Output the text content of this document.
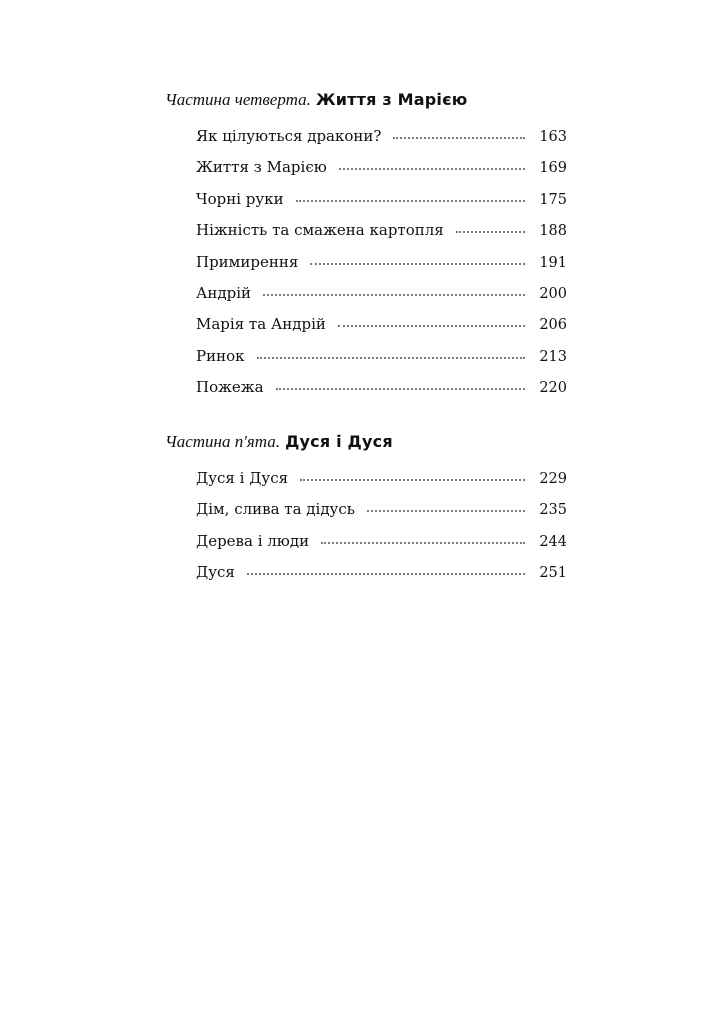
Частина четверта. Життя з Марією
Як цілуються дракони?	163
Життя з Марією	169
Чорні руки	175
Ніжність та смажена картопля	188
Примирення	191
Андрій	200
Марія та Андрій	206
Ринок	213
Пожежа	220
Частина п'ята. Дуся і Дуся
Дуся і Дуся	229
Дім, слива та дідусь	235
Дерева і люди	244
Дуся	251
